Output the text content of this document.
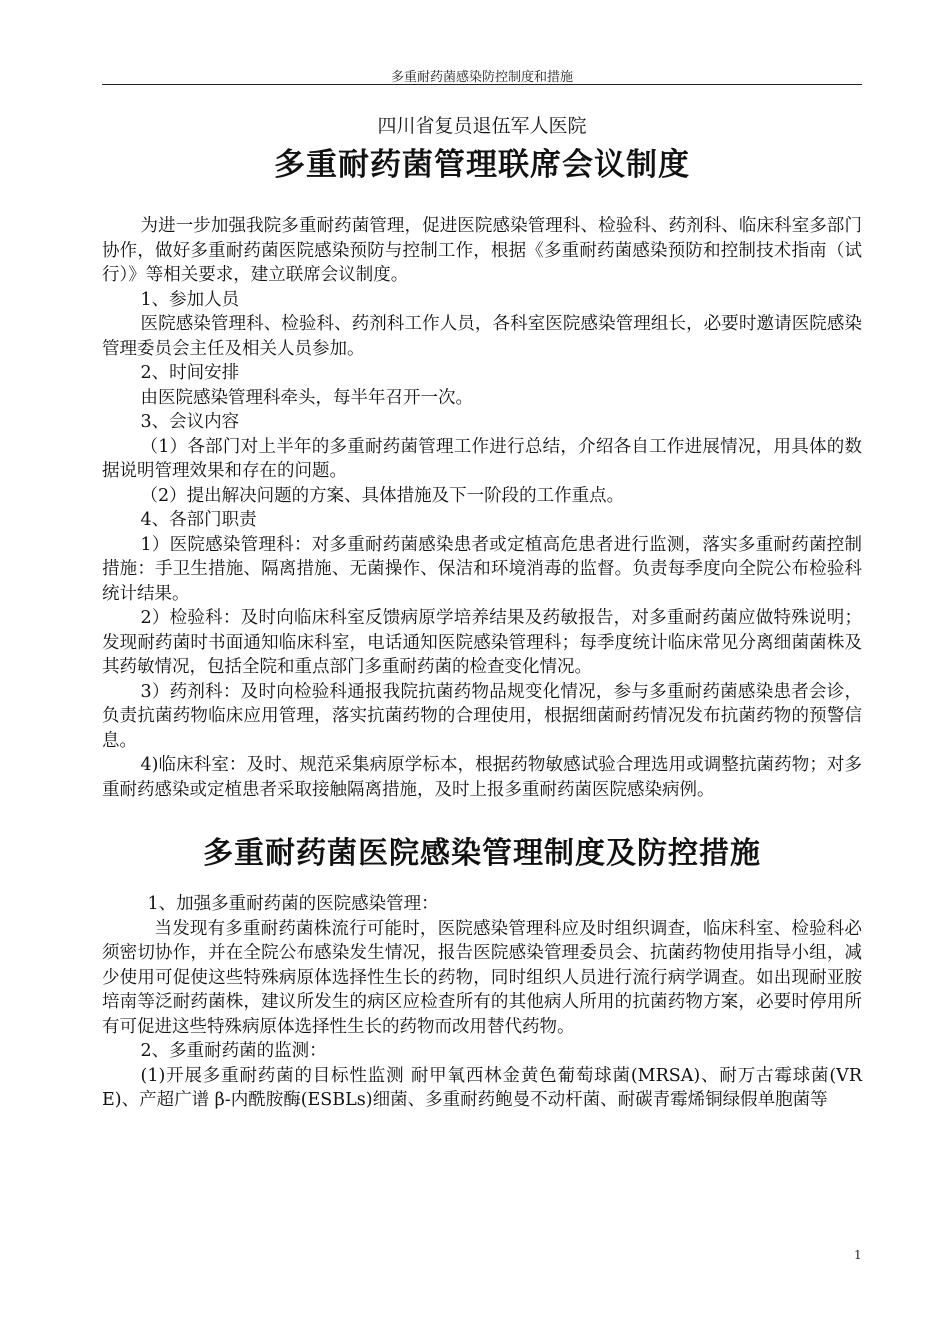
多重耐药菌感染防控制度和措施
四川省复员退伍军人医院
多重耐药菌管理联席会议制度

为进一步加强我院多重耐药菌管理，促进医院感染管理科、检验科、药剂科、临床科室多部门协作，做好多重耐药菌医院感染预防与控制工作，根据《多重耐药菌感染预防和控制技术指南（试行）》等相关要求，建立联席会议制度。

1、参加人员

医院感染管理科、检验科、药剂科工作人员，各科室医院感染管理组长，必要时邀请医院感染管理委员会主任及相关人员参加。

2、时间安排

由医院感染管理科牵头，每半年召开一次。

3、会议内容

（1）各部门对上半年的多重耐药菌管理工作进行总结，介绍各自工作进展情况，用具体的数据说明管理效果和存在的问题。

（2）提出解决问题的方案、具体措施及下一阶段的工作重点。

4、各部门职责

1）医院感染管理科：对多重耐药菌感染患者或定植高危患者进行监测，落实多重耐药菌控制措施：手卫生措施、隔离措施、无菌操作、保洁和环境消毒的监督。负责每季度向全院公布检验科统计结果。

2）检验科：及时向临床科室反馈病原学培养结果及药敏报告，对多重耐药菌应做特殊说明；发现耐药菌时书面通知临床科室，电话通知医院感染管理科；每季度统计临床常见分离细菌菌株及其药敏情况，包括全院和重点部门多重耐药菌的检查变化情况。

3）药剂科：及时向检验科通报我院抗菌药物品规变化情况，参与多重耐药菌感染患者会诊，负责抗菌药物临床应用管理，落实抗菌药物的合理使用，根据细菌耐药情况发布抗菌药物的预警信息。

4)临床科室：及时、规范采集病原学标本，根据药物敏感试验合理选用或调整抗菌药物；对多重耐药感染或定植患者采取接触隔离措施，及时上报多重耐药菌医院感染病例。

多重耐药菌医院感染管理制度及防控措施

1、加强多重耐药菌的医院感染管理：

当发现有多重耐药菌株流行可能时，医院感染管理科应及时组织调查，临床科室、检验科必须密切协作，并在全院公布感染发生情况，报告医院感染管理委员会、抗菌药物使用指导小组，减少使用可促使这些特殊病原体选择性生长的药物，同时组织人员进行流行病学调查。如出现耐亚胺培南等泛耐药菌株，建议所发生的病区应检查所有的其他病人所用的抗菌药物方案，必要时停用所有可促进这些特殊病原体选择性生长的药物而改用替代药物。

2、多重耐药菌的监测：

(1)开展多重耐药菌的目标性监测 耐甲氧西林金黄色葡萄球菌(MRSA)、耐万古霉球菌(VRE)、产超广谱 β-内酰胺酶(ESBLs)细菌、多重耐药鲍曼不动杆菌、耐碳青霉烯铜绿假单胞菌等

1
